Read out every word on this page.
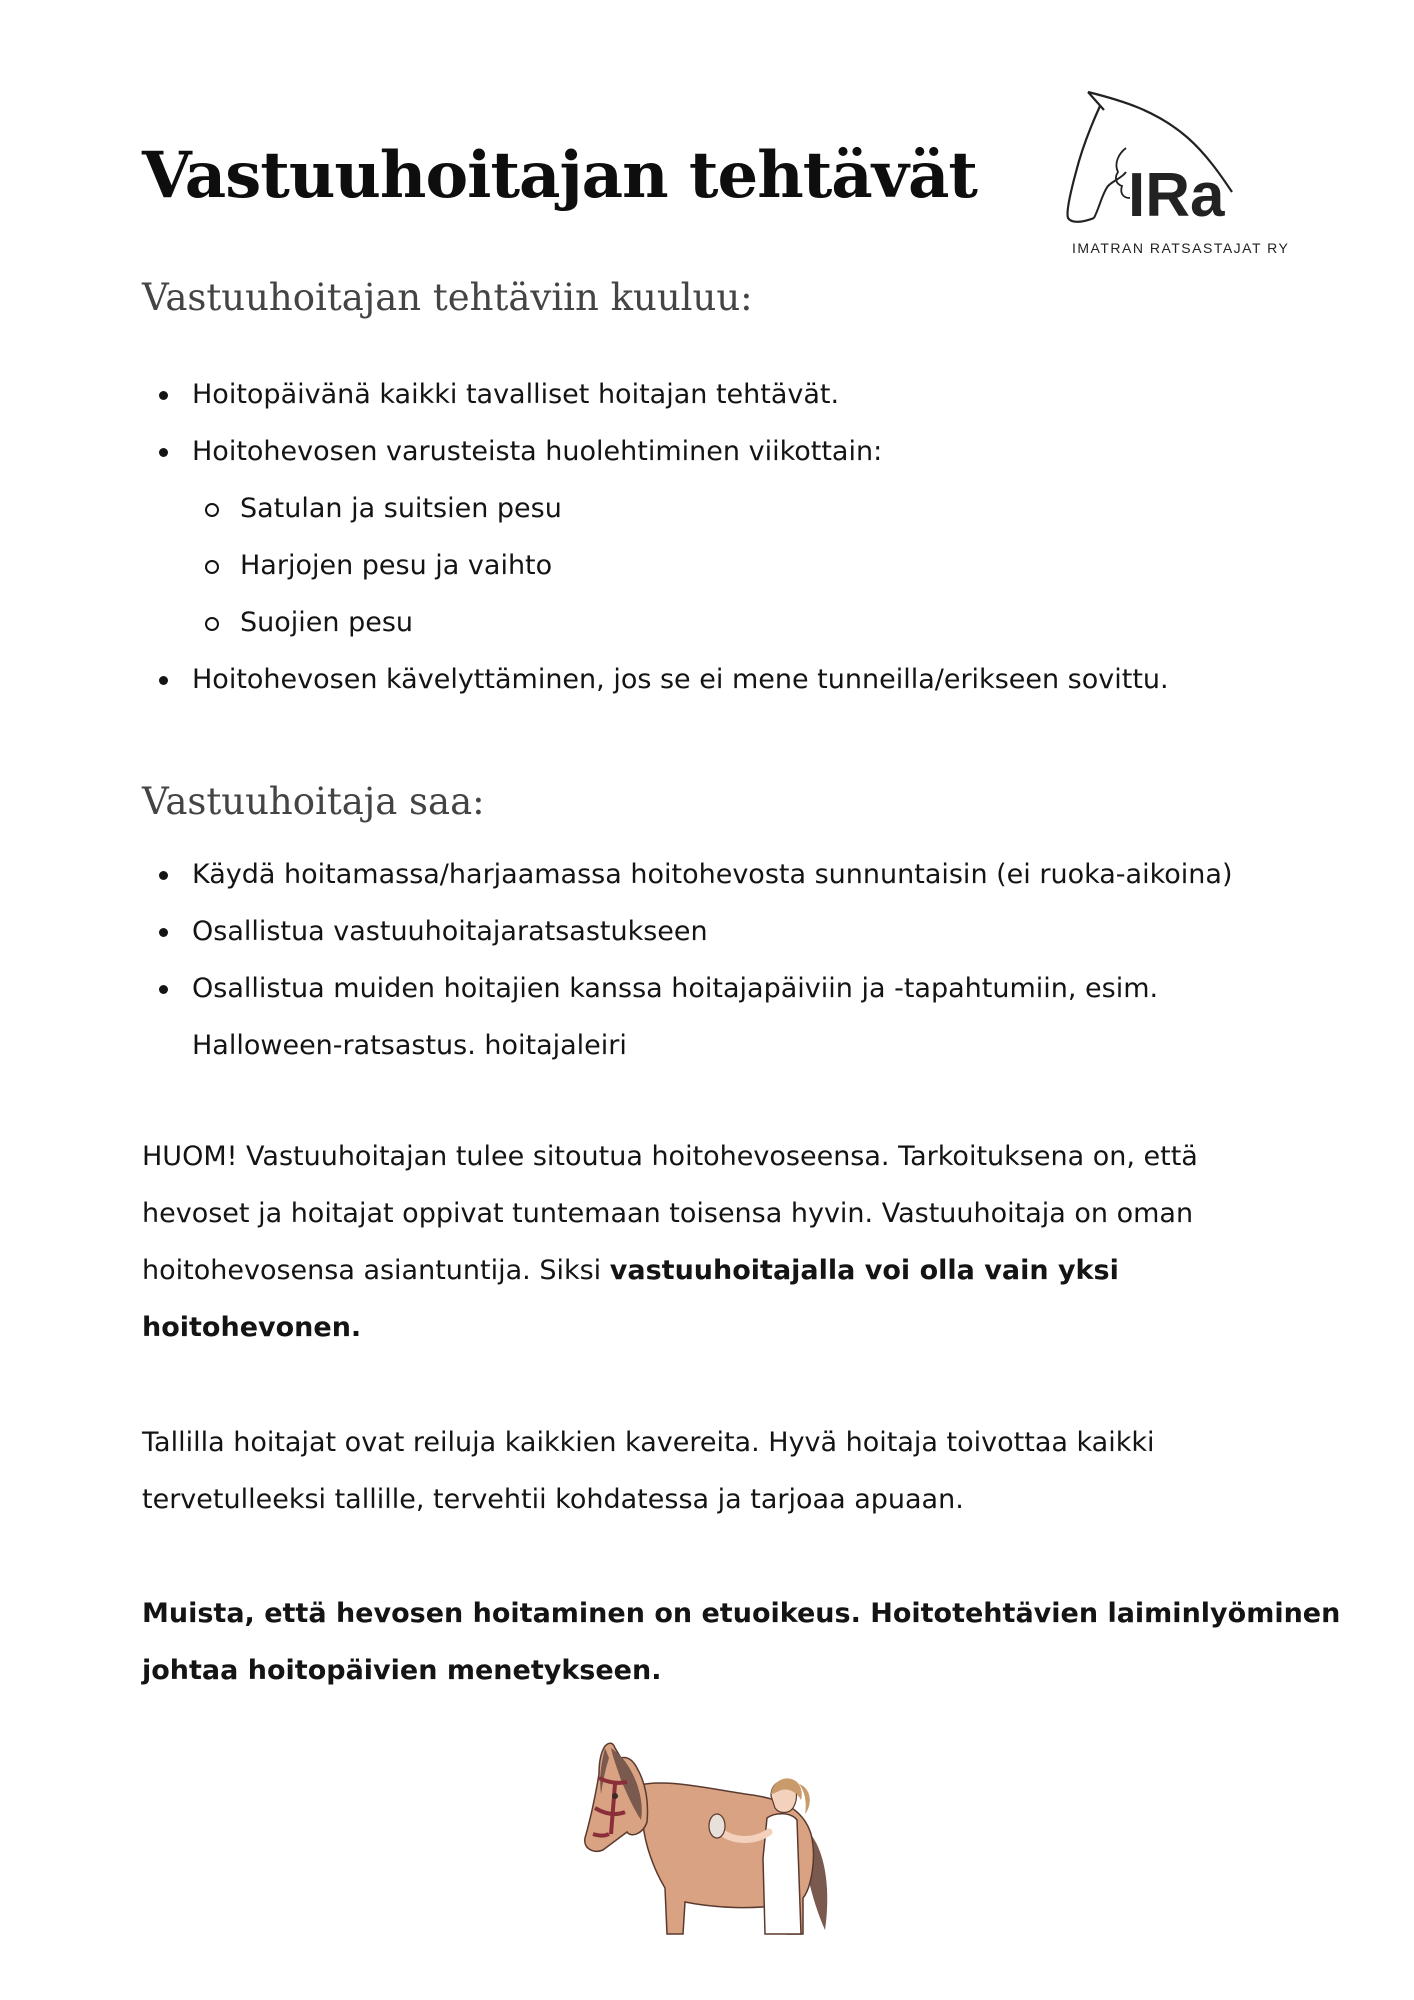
Vastuuhoitajan tehtävät IRa
IMATRAN RATSASTAJAT RY
Vastuuhoitajan tehtäviin kuuluu:
Hoitopäivänä kaikki tavalliset hoitajan tehtävät.
Hoitohevosen varusteista huolehtiminen viikottain:
Satulan ja suitsien pesu
Harjojen pesu ja vaihto
Suojien pesu
Hoitohevosen kävelyttäminen, jos se ei mene tunneilla/erikseen sovittu.
Vastuuhoitaja saa:
Käydä hoitamassa/harjaamassa hoitohevosta sunnuntaisin (ei ruoka-aikoina)
Osallistua vastuuhoitajaratsastukseen
Osallistua muiden hoitajien kanssa hoitajapäiviin ja -tapahtumiin, esim.
Halloween-ratsastus. hoitajaleiri

HUOM! Vastuuhoitajan tulee sitoutua hoitohevoseensa. Tarkoituksena on, että
hevoset ja hoitajat oppivat tuntemaan toisensa hyvin. Vastuuhoitaja on oman
hoitohevosensa asiantuntija. Siksi vastuuhoitajalla voi olla vain yksi
hoitohevonen.

Tallilla hoitajat ovat reiluja kaikkien kavereita. Hyvä hoitaja toivottaa kaikki
tervetulleeksi tallille, tervehtii kohdatessa ja tarjoaa apuaan.

Muista, että hevosen hoitaminen on etuoikeus. Hoitotehtävien laiminlyöminen
johtaa hoitopäivien menetykseen.
